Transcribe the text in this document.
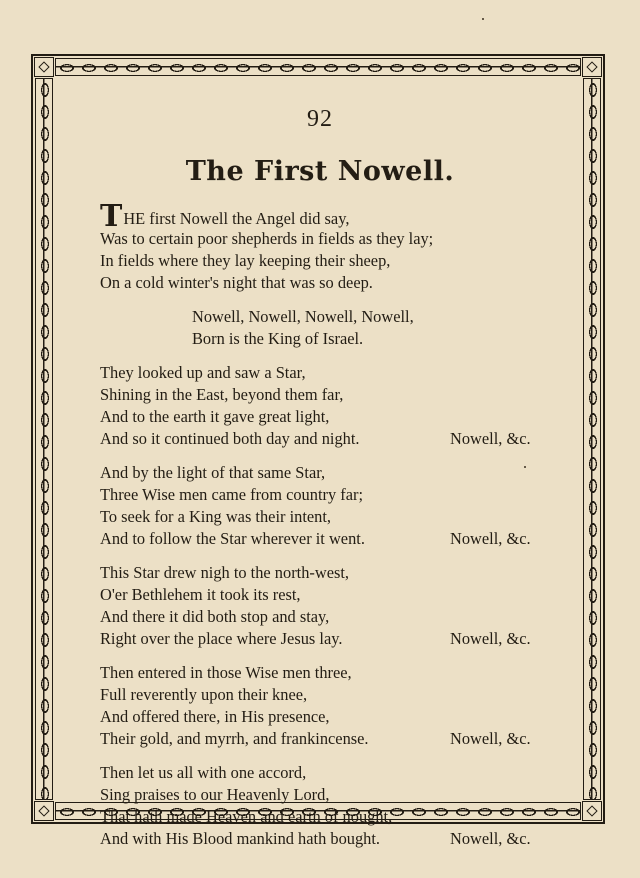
92
The First Nowell.
THE first Nowell the Angel did say,
Was to certain poor shepherds in fields as they lay;
In fields where they lay keeping their sheep,
On a cold winter's night that was so deep.
Nowell, Nowell, Nowell, Nowell,
Born is the King of Israel.
They looked up and saw a Star,
Shining in the East, beyond them far,
And to the earth it gave great light,
And so it continued both day and night.	Nowell, &c.
And by the light of that same Star,
Three Wise men came from country far;
To seek for a King was their intent,
And to follow the Star wherever it went.	Nowell, &c.
This Star drew nigh to the north-west,
O'er Bethlehem it took its rest,
And there it did both stop and stay,
Right over the place where Jesus lay.	Nowell, &c.
Then entered in those Wise men three,
Full reverently upon their knee,
And offered there, in His presence,
Their gold, and myrrh, and frankincense.	Nowell, &c.
Then let us all with one accord,
Sing praises to our Heavenly Lord,
That hath made Heaven and earth of nought,
And with His Blood mankind hath bought.	Nowell, &c.
